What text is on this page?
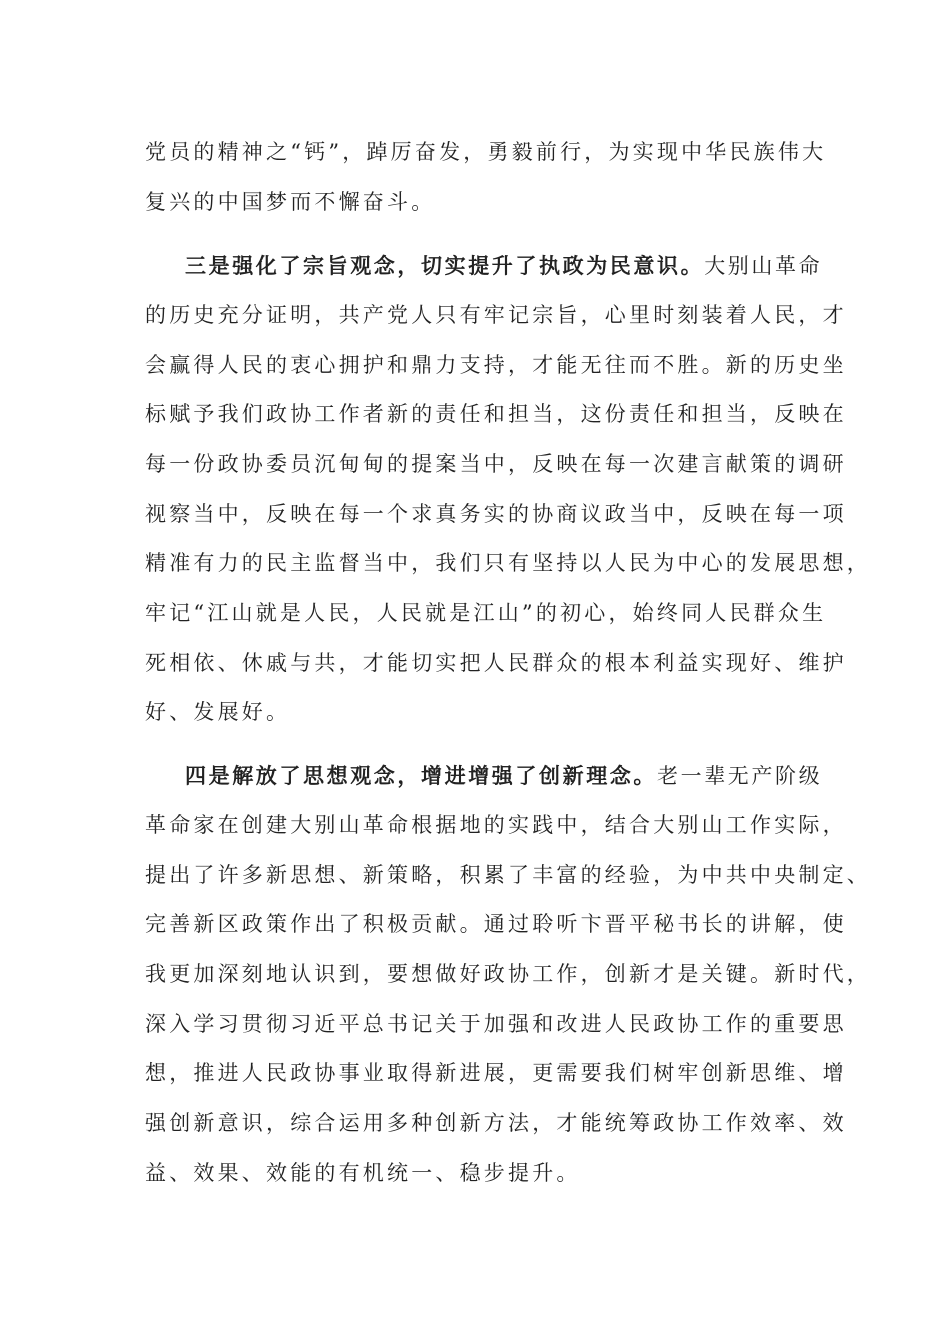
党员的精神之“钙”，踔厉奋发，勇毅前行，为实现中华民族伟大
复兴的中国梦而不懈奋斗。
三是强化了宗旨观念，切实提升了执政为民意识。大别山革命
的历史充分证明，共产党人只有牢记宗旨，心里时刻装着人民，才
会赢得人民的衷心拥护和鼎力支持，才能无往而不胜。新的历史坐
标赋予我们政协工作者新的责任和担当，这份责任和担当，反映在
每一份政协委员沉甸甸的提案当中，反映在每一次建言献策的调研
视察当中，反映在每一个求真务实的协商议政当中，反映在每一项
精准有力的民主监督当中，我们只有坚持以人民为中心的发展思想，
牢记“江山就是人民，人民就是江山”的初心，始终同人民群众生
死相依、休戚与共，才能切实把人民群众的根本利益实现好、维护
好、发展好。
四是解放了思想观念，增进增强了创新理念。老一辈无产阶级
革命家在创建大别山革命根据地的实践中，结合大别山工作实际，
提出了许多新思想、新策略，积累了丰富的经验，为中共中央制定、
完善新区政策作出了积极贡献。通过聆听卞晋平秘书长的讲解，使
我更加深刻地认识到，要想做好政协工作，创新才是关键。新时代，
深入学习贯彻习近平总书记关于加强和改进人民政协工作的重要思
想，推进人民政协事业取得新进展，更需要我们树牢创新思维、增
强创新意识，综合运用多种创新方法，才能统筹政协工作效率、效
益、效果、效能的有机统一、稳步提升。
